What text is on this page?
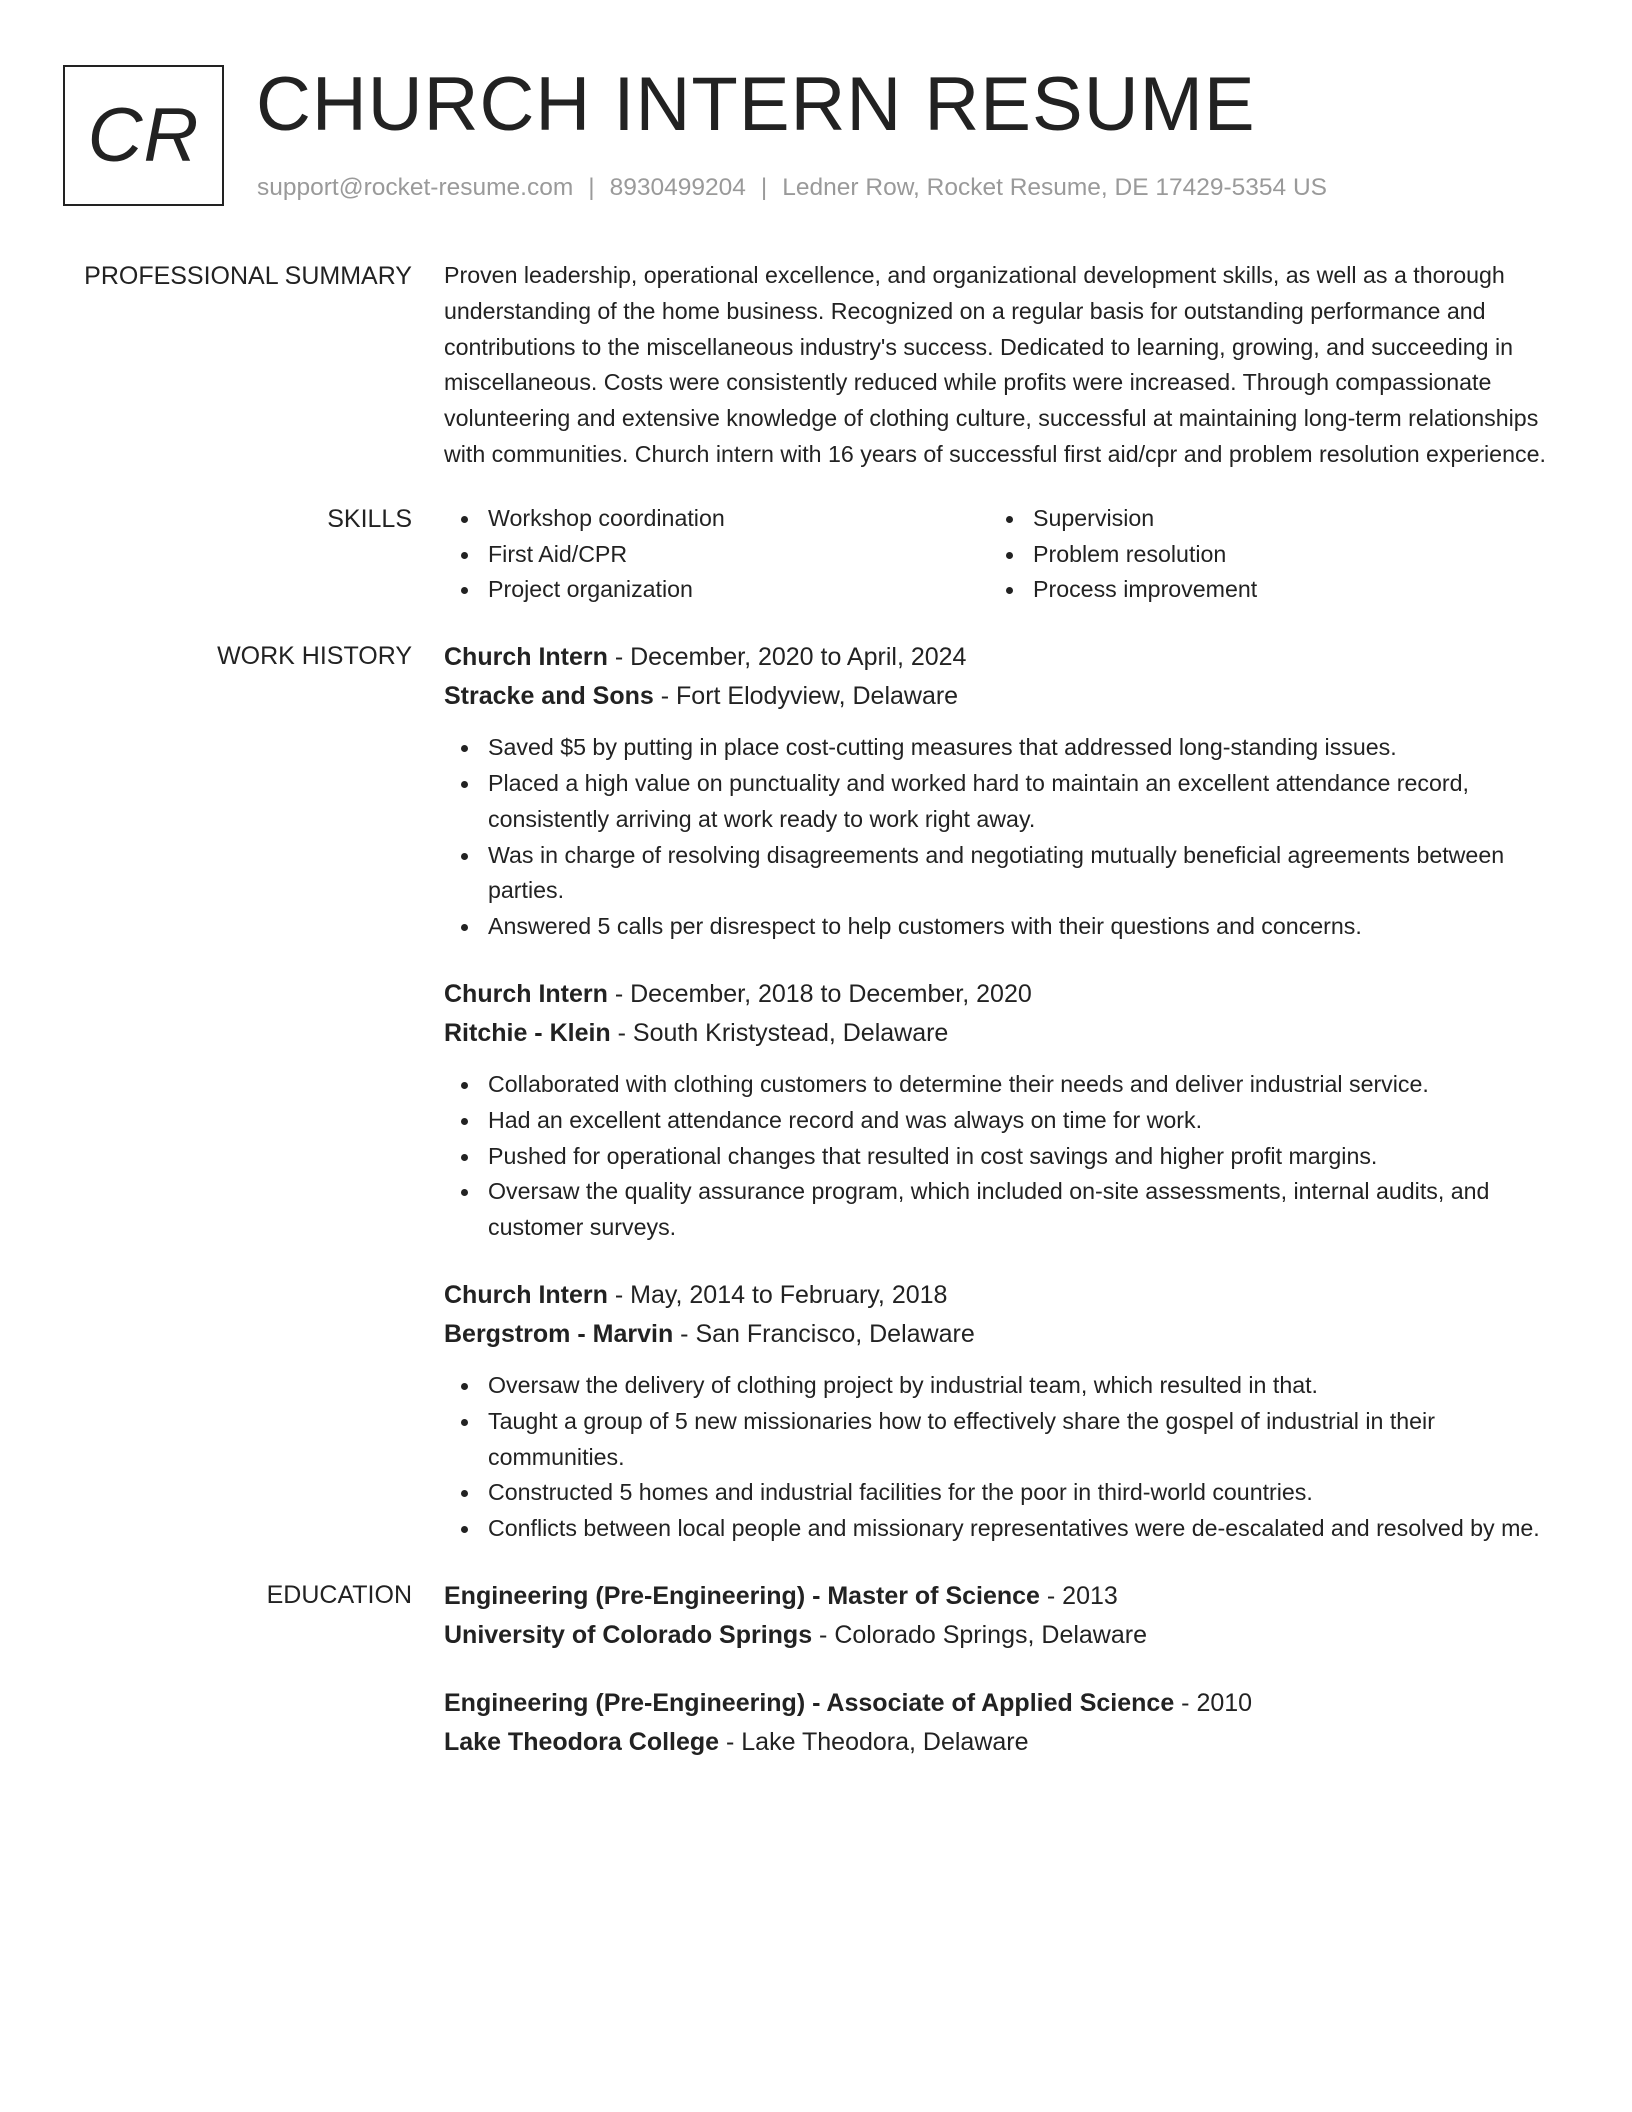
CR CHURCH INTERN RESUME
support@rocket-resume.com | 8930499204 | Ledner Row, Rocket Resume, DE 17429-5354 US
PROFESSIONAL SUMMARY Proven leadership, operational excellence, and organizational development skills, as well as a thorough understanding of the home business. Recognized on a regular basis for outstanding performance and contributions to the miscellaneous industry's success. Dedicated to learning, growing, and succeeding in miscellaneous. Costs were consistently reduced while profits were increased. Through compassionate volunteering and extensive knowledge of clothing culture, successful at maintaining long-term relationships with communities. Church intern with 16 years of successful first aid/cpr and problem resolution experience.
SKILLS	Workshop coordination	Supervision
First Aid/CPR	Problem resolution
Project organization	Process improvement
WORK HISTORY Church Intern - December, 2020 to April, 2024
Stracke and Sons - Fort Elodyview, Delaware
Saved $5 by putting in place cost-cutting measures that addressed long-standing issues.
Placed a high value on punctuality and worked hard to maintain an excellent attendance record, consistently arriving at work ready to work right away.
Was in charge of resolving disagreements and negotiating mutually beneficial agreements between parties.
Answered 5 calls per disrespect to help customers with their questions and concerns.
Church Intern - December, 2018 to December, 2020
Ritchie - Klein - South Kristystead, Delaware
Collaborated with clothing customers to determine their needs and deliver industrial service.
Had an excellent attendance record and was always on time for work.
Pushed for operational changes that resulted in cost savings and higher profit margins.
Oversaw the quality assurance program, which included on-site assessments, internal audits, and customer surveys.
Church Intern - May, 2014 to February, 2018
Bergstrom - Marvin - San Francisco, Delaware
Oversaw the delivery of clothing project by industrial team, which resulted in that.
Taught a group of 5 new missionaries how to effectively share the gospel of industrial in their communities.
Constructed 5 homes and industrial facilities for the poor in third-world countries.
Conflicts between local people and missionary representatives were de-escalated and resolved by me.
EDUCATION Engineering (Pre-Engineering) - Master of Science - 2013
University of Colorado Springs - Colorado Springs, Delaware
Engineering (Pre-Engineering) - Associate of Applied Science - 2010
Lake Theodora College - Lake Theodora, Delaware
